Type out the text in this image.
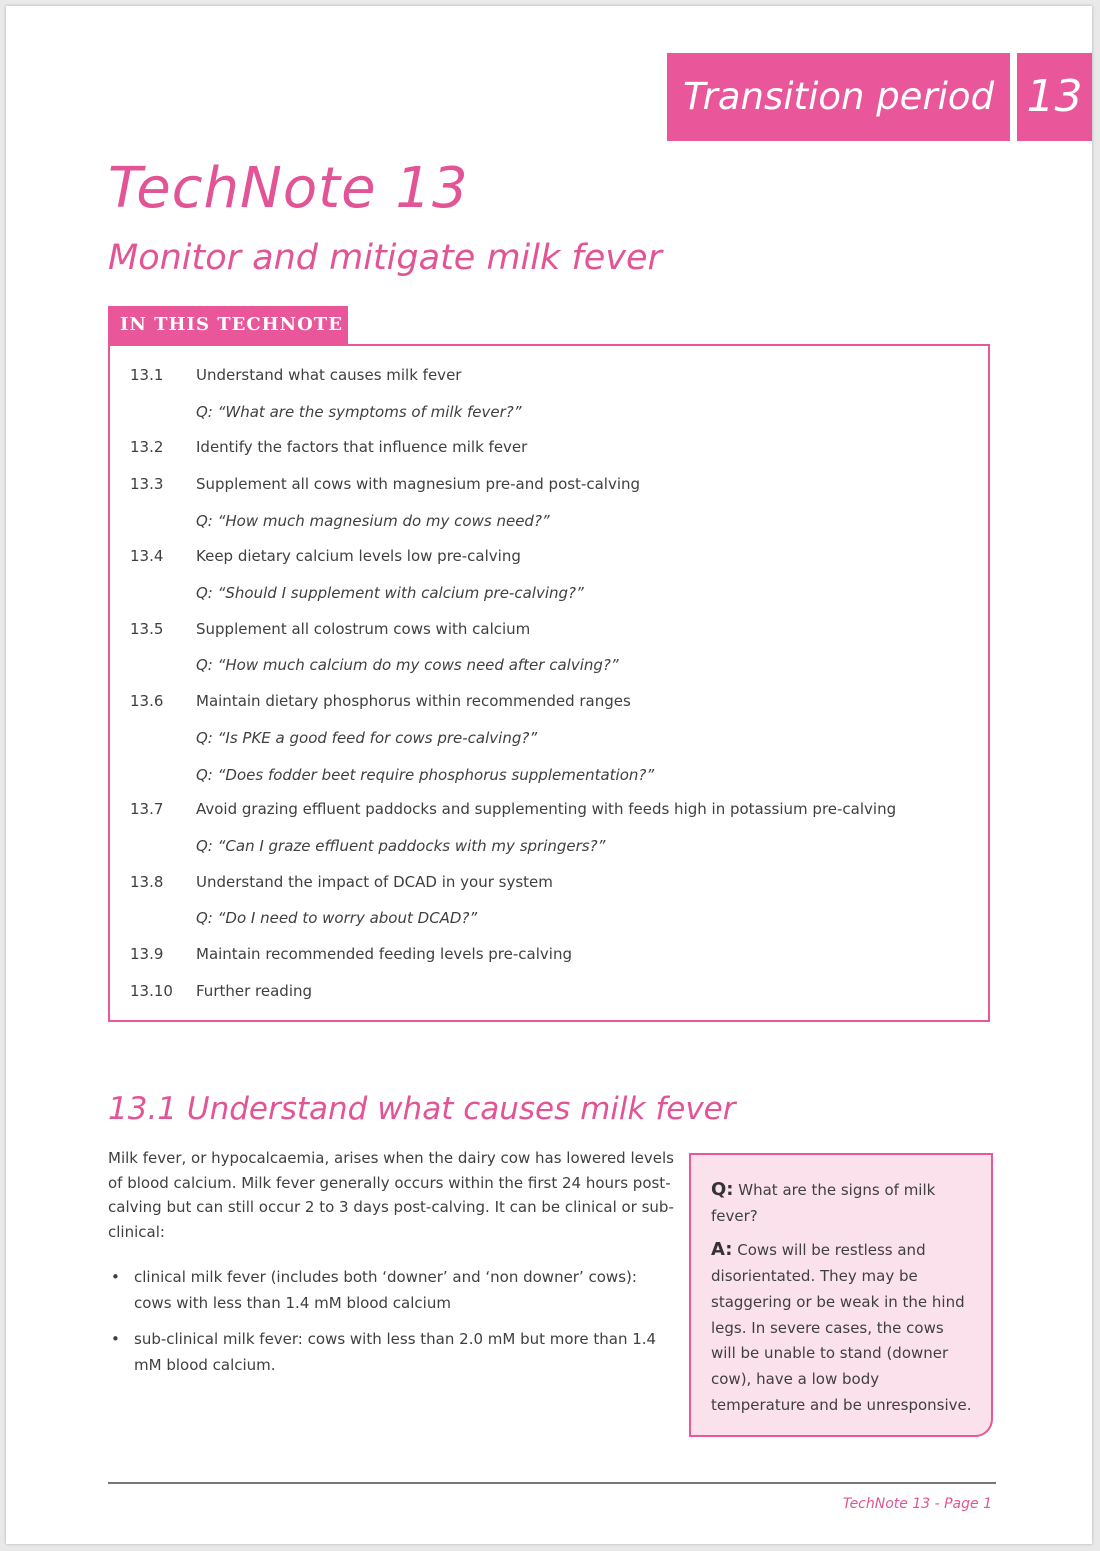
Transition period 13
TechNote 13
Monitor and mitigate milk fever
IN THIS TECHNOTE
13.1 Understand what causes milk fever
Q: “What are the symptoms of milk fever?”
13.2 Identify the factors that influence milk fever
13.3 Supplement all cows with magnesium pre-and post-calving
Q: “How much magnesium do my cows need?”
13.4 Keep dietary calcium levels low pre-calving
Q: “Should I supplement with calcium pre-calving?”
13.5 Supplement all colostrum cows with calcium
Q: “How much calcium do my cows need after calving?”
13.6 Maintain dietary phosphorus within recommended ranges
Q: “Is PKE a good feed for cows pre-calving?”
Q: “Does fodder beet require phosphorus supplementation?”
13.7 Avoid grazing effluent paddocks and supplementing with feeds high in potassium pre-calving
Q: “Can I graze effluent paddocks with my springers?”
13.8 Understand the impact of DCAD in your system
Q: “Do I need to worry about DCAD?”
13.9 Maintain recommended feeding levels pre-calving
13.10 Further reading
13.1 Understand what causes milk fever
Milk fever, or hypocalcaemia, arises when the dairy cow has lowered levels of blood calcium. Milk fever generally occurs within the first 24 hours post-calving but can still occur 2 to 3 days post-calving. It can be clinical or sub-clinical:
• clinical milk fever (includes both ‘downer’ and ‘non downer’ cows): cows with less than 1.4 mM blood calcium
• sub-clinical milk fever: cows with less than 2.0 mM but more than 1.4 mM blood calcium.
Q: What are the signs of milk fever?
A: Cows will be restless and disorientated. They may be staggering or be weak in the hind legs. In severe cases, the cows will be unable to stand (downer cow), have a low body temperature and be unresponsive.
TechNote 13 - Page 1
